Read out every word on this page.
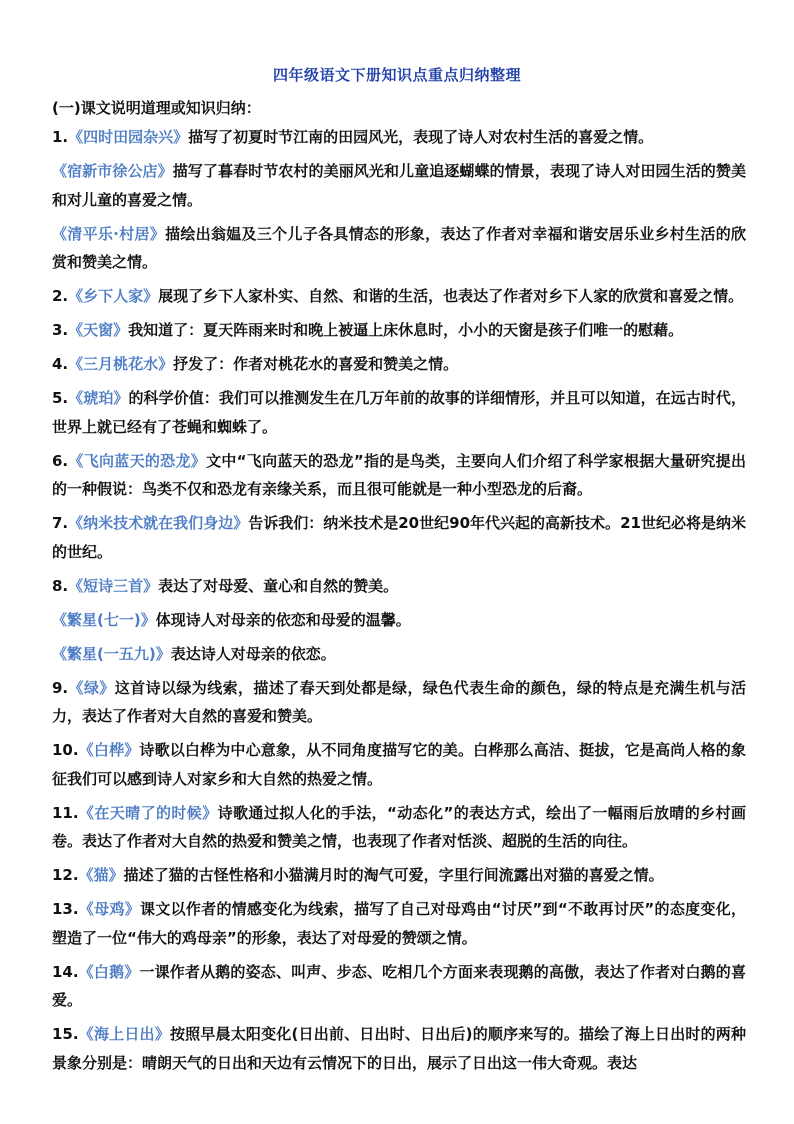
四年级语文下册知识点重点归纳整理
(一)课文说明道理或知识归纳：
1.《四时田园杂兴》描写了初夏时节江南的田园风光，表现了诗人对农村生活的喜爱之情。
《宿新市徐公店》描写了暮春时节农村的美丽风光和儿童追逐蝴蝶的情景，表现了诗人对田园生活的赞美和对儿童的喜爱之情。
《清平乐·村居》描绘出翁媪及三个儿子各具情态的形象，表达了作者对幸福和谐安居乐业乡村生活的欣赏和赞美之情。
2.《乡下人家》展现了乡下人家朴实、自然、和谐的生活，也表达了作者对乡下人家的欣赏和喜爱之情。
3.《天窗》我知道了：夏天阵雨来时和晚上被逼上床休息时，小小的天窗是孩子们唯一的慰藉。
4.《三月桃花水》抒发了：作者对桃花水的喜爱和赞美之情。
5.《琥珀》的科学价值：我们可以推测发生在几万年前的故事的详细情形，并且可以知道，在远古时代，世界上就已经有了苍蝇和蜘蛛了。
6.《飞向蓝天的恐龙》文中“飞向蓝天的恐龙”指的是鸟类，主要向人们介绍了科学家根据大量研究提出的一种假说：鸟类不仅和恐龙有亲缘关系，而且很可能就是一种小型恐龙的后裔。
7.《纳米技术就在我们身边》告诉我们：纳米技术是20世纪90年代兴起的高新技术。21世纪必将是纳米的世纪。
8.《短诗三首》表达了对母爱、童心和自然的赞美。
《繁星(七一)》体现诗人对母亲的依恋和母爱的温馨。
《繁星(一五九)》表达诗人对母亲的依恋。
9.《绿》这首诗以绿为线索，描述了春天到处都是绿，绿色代表生命的颜色，绿的特点是充满生机与活力，表达了作者对大自然的喜爱和赞美。
10.《白桦》诗歌以白桦为中心意象，从不同角度描写它的美。白桦那么高洁、挺拔，它是高尚人格的象征我们可以感到诗人对家乡和大自然的热爱之情。
11.《在天晴了的时候》诗歌通过拟人化的手法，“动态化”的表达方式，绘出了一幅雨后放晴的乡村画卷。表达了作者对大自然的热爱和赞美之情，也表现了作者对恬淡、超脱的生活的向往。
12.《猫》描述了猫的古怪性格和小猫满月时的淘气可爱，字里行间流露出对猫的喜爱之情。
13.《母鸡》课文以作者的情感变化为线索，描写了自己对母鸡由“讨厌”到“不敢再讨厌”的态度变化，塑造了一位“伟大的鸡母亲”的形象，表达了对母爱的赞颂之情。
14.《白鹅》一课作者从鹅的姿态、叫声、步态、吃相几个方面来表现鹅的高傲，表达了作者对白鹅的喜爱。
15.《海上日出》按照早晨太阳变化(日出前、日出时、日出后)的顺序来写的。描绘了海上日出时的两种景象分别是：晴朗天气的日出和天边有云情况下的日出，展示了日出这一伟大奇观。表达
